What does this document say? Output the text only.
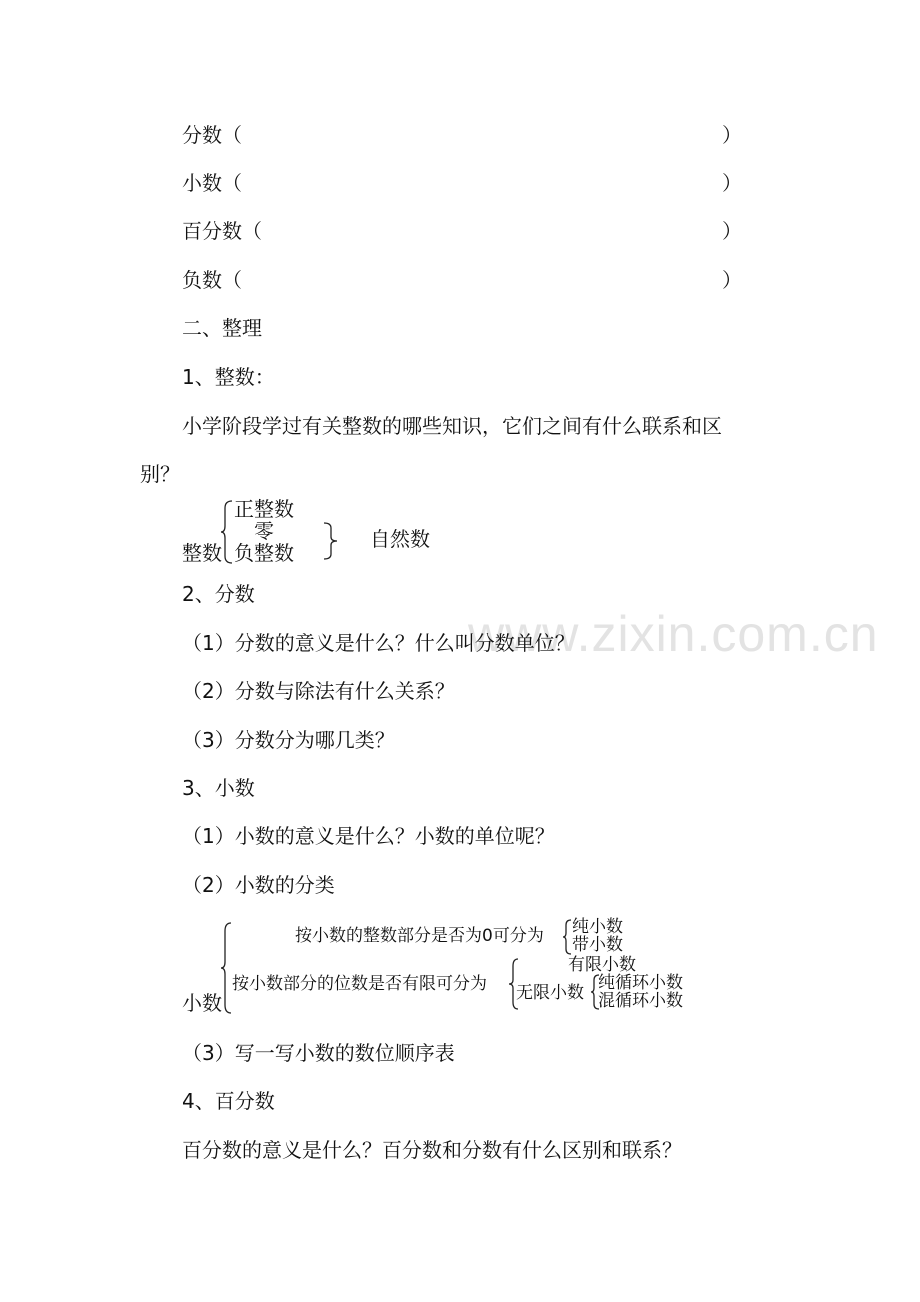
www.zixin.com.cn
分数（	）
小数（	）
百分数（	）
负数（	）
二、整理
1、整数：
小学阶段学过有关整数的哪些知识，它们之间有什么联系和区
别？
整数
正整数
零
负整数
自然数
2、分数
（1）分数的意义是什么？什么叫分数单位？
（2）分数与除法有什么关系？
（3）分数分为哪几类？
3、小数
（1）小数的意义是什么？小数的单位呢？
（2）小数的分类
小数
按小数的整数部分是否为0可分为 纯小数
带小数
按小数部分的位数是否有限可分为
有限小数
无限小数 纯循环小数
混循环小数
（3）写一写小数的数位顺序表
4、百分数
百分数的意义是什么？百分数和分数有什么区别和联系？
